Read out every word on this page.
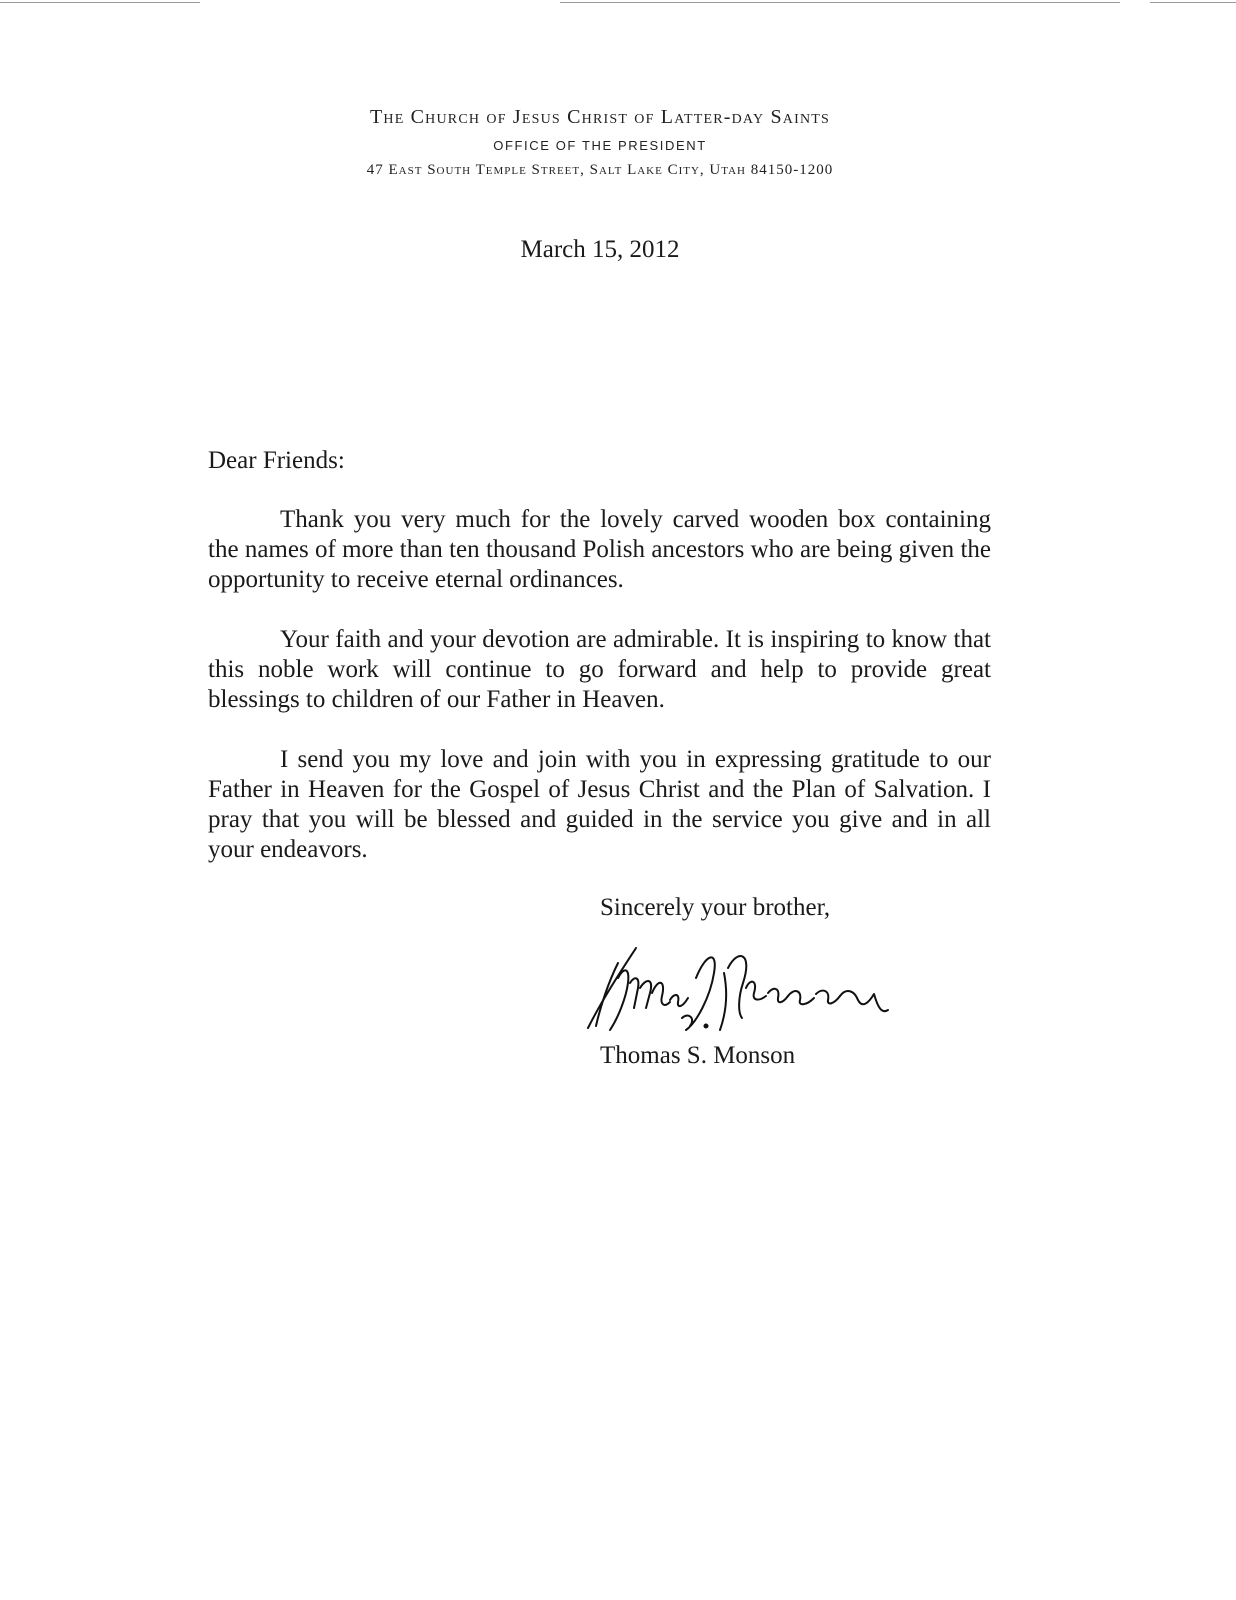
The Church of Jesus Christ of Latter-day Saints
OFFICE OF THE PRESIDENT
47 East South Temple Street, Salt Lake City, Utah 84150-1200
March 15, 2012
Dear Friends:

Thank you very much for the lovely carved wooden box containing the names of more than ten thousand Polish ancestors who are being given the opportunity to receive eternal ordinances.

Your faith and your devotion are admirable. It is inspiring to know that this noble work will continue to go forward and help to provide great blessings to children of our Father in Heaven.

I send you my love and join with you in expressing gratitude to our Father in Heaven for the Gospel of Jesus Christ and the Plan of Salvation. I pray that you will be blessed and guided in the service you give and in all your endeavors.

Sincerely your brother,
Thomas S. Monson
